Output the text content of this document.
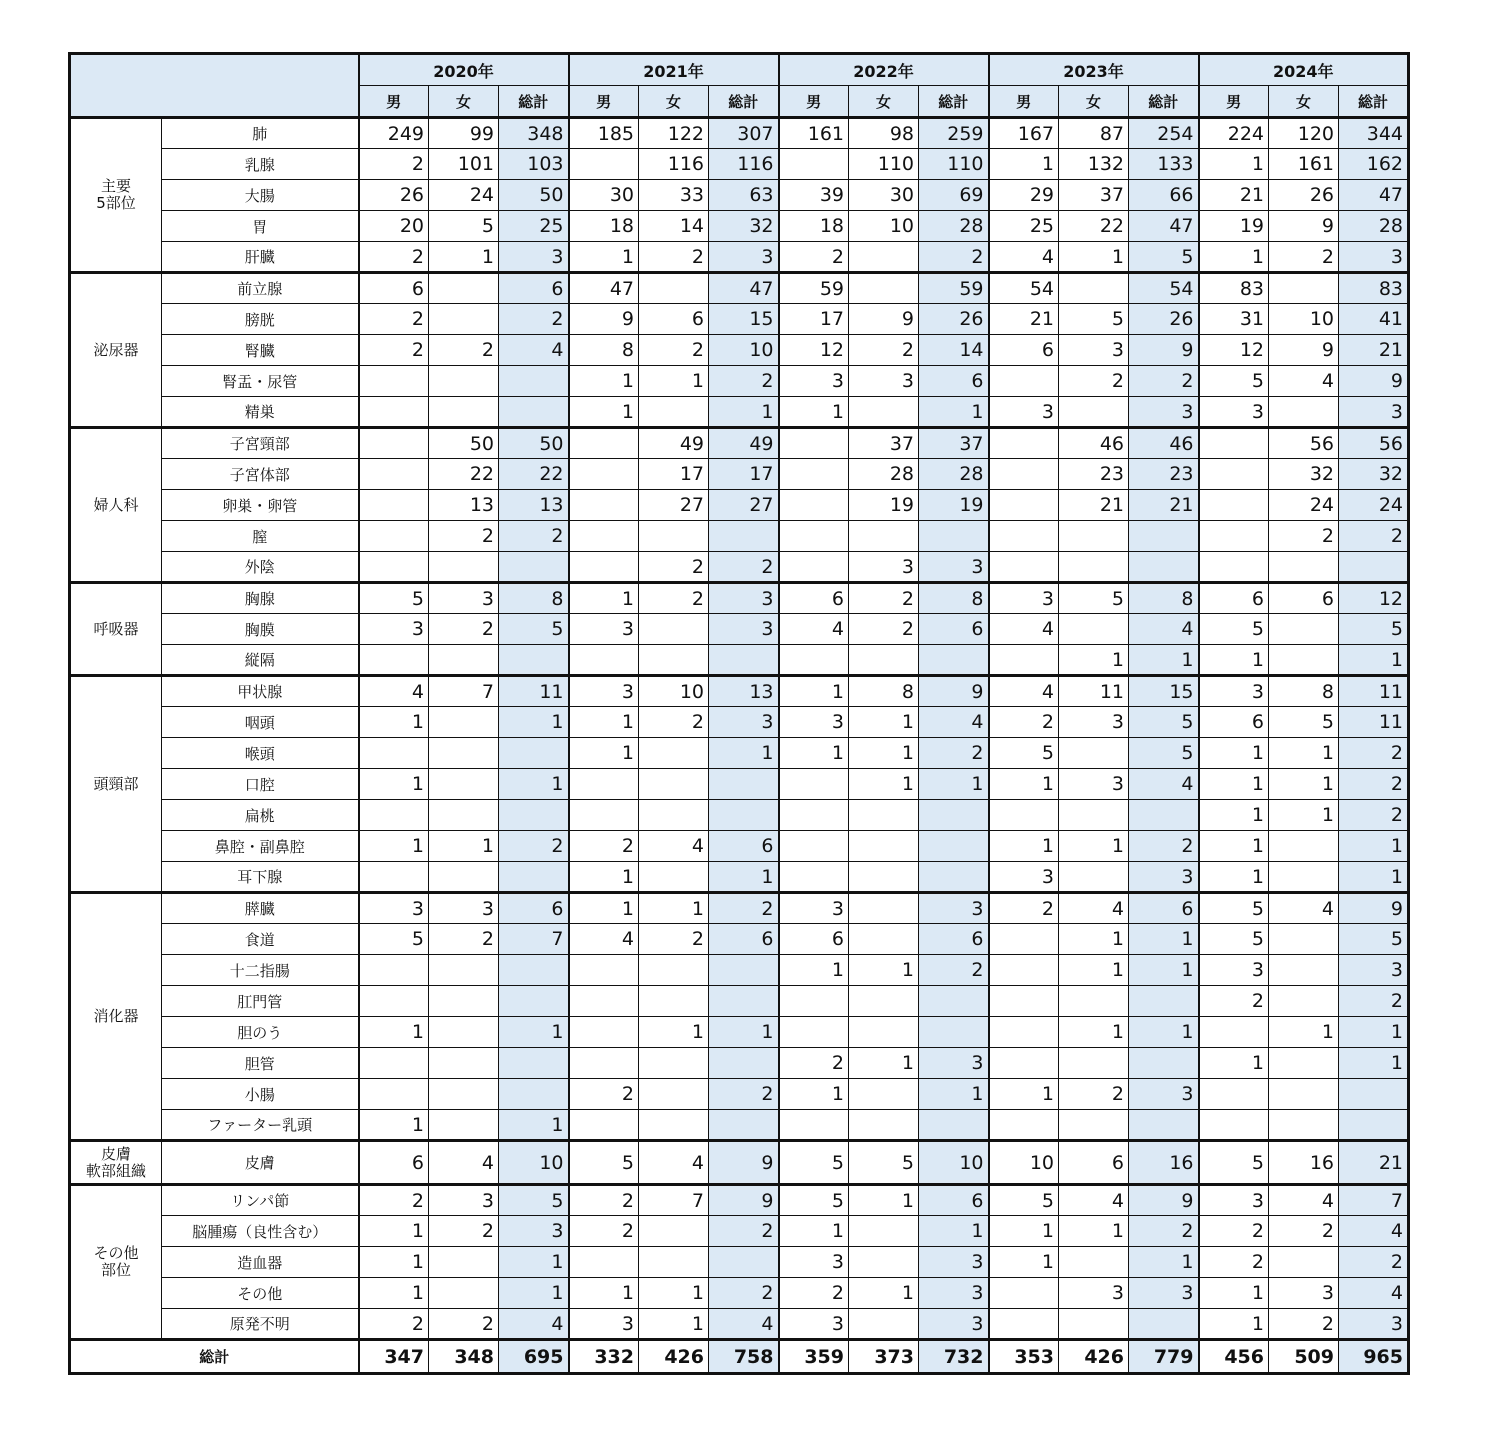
		2020年			2021年			2022年			2023年			2024年		
		男	女	総計	男	女	総計	男	女	総計	男	女	総計	男	女	総計
主要
5部位	肺	249	99	348	185	122	307	161	98	259	167	87	254	224	120	344
	乳腺	2	101	103		116	116		110	110	1	132	133	1	161	162
	大腸	26	24	50	30	33	63	39	30	69	29	37	66	21	26	47
	胃	20	5	25	18	14	32	18	10	28	25	22	47	19	9	28
	肝臓	2	1	3	1	2	3	2		2	4	1	5	1	2	3
泌尿器	前立腺	6		6	47		47	59		59	54		54	83		83
	膀胱	2		2	9	6	15	17	9	26	21	5	26	31	10	41
	腎臓	2	2	4	8	2	10	12	2	14	6	3	9	12	9	21
	腎盂・尿管				1	1	2	3	3	6		2	2	5	4	9
	精巣				1		1	1		1	3		3	3		3
婦人科	子宮頸部		50	50		49	49		37	37		46	46		56	56
	子宮体部		22	22		17	17		28	28		23	23		32	32
	卵巣・卵管		13	13		27	27		19	19		21	21		24	24
	膣		2	2											2	2
	外陰					2	2		3	3						
呼吸器	胸腺	5	3	8	1	2	3	6	2	8	3	5	8	6	6	12
	胸膜	3	2	5	3		3	4	2	6	4		4	5		5
	縦隔											1	1	1		1
頭頸部	甲状腺	4	7	11	3	10	13	1	8	9	4	11	15	3	8	11
	咽頭	1		1	1	2	3	3	1	4	2	3	5	6	5	11
	喉頭				1		1	1	1	2	5		5	1	1	2
	口腔	1		1					1	1	1	3	4	1	1	2
	扁桃													1	1	2
	鼻腔・副鼻腔	1	1	2	2	4	6				1	1	2	1		1
	耳下腺				1		1				3		3	1		1
消化器	膵臓	3	3	6	1	1	2	3		3	2	4	6	5	4	9
	食道	5	2	7	4	2	6	6		6		1	1	5		5
	十二指腸							1	1	2		1	1	3		3
	肛門管													2		2
	胆のう	1		1		1	1					1	1		1	1
	胆管							2	1	3				1		1
	小腸				2		2	1		1	1	2	3			
	ファーター乳頭	1		1												
皮膚
軟部組織	皮膚	6	4	10	5	4	9	5	5	10	10	6	16	5	16	21
その他
部位	リンパ節	2	3	5	2	7	9	5	1	6	5	4	9	3	4	7
	脳腫瘍（良性含む）	1	2	3	2		2	1		1	1	1	2	2	2	4
	造血器	1		1				3		3	1		1	2		2
	その他	1		1	1	1	2	2	1	3		3	3	1	3	4
	原発不明	2	2	4	3	1	4	3		3				1	2	3
総計		347	348	695	332	426	758	359	373	732	353	426	779	456	509	965
